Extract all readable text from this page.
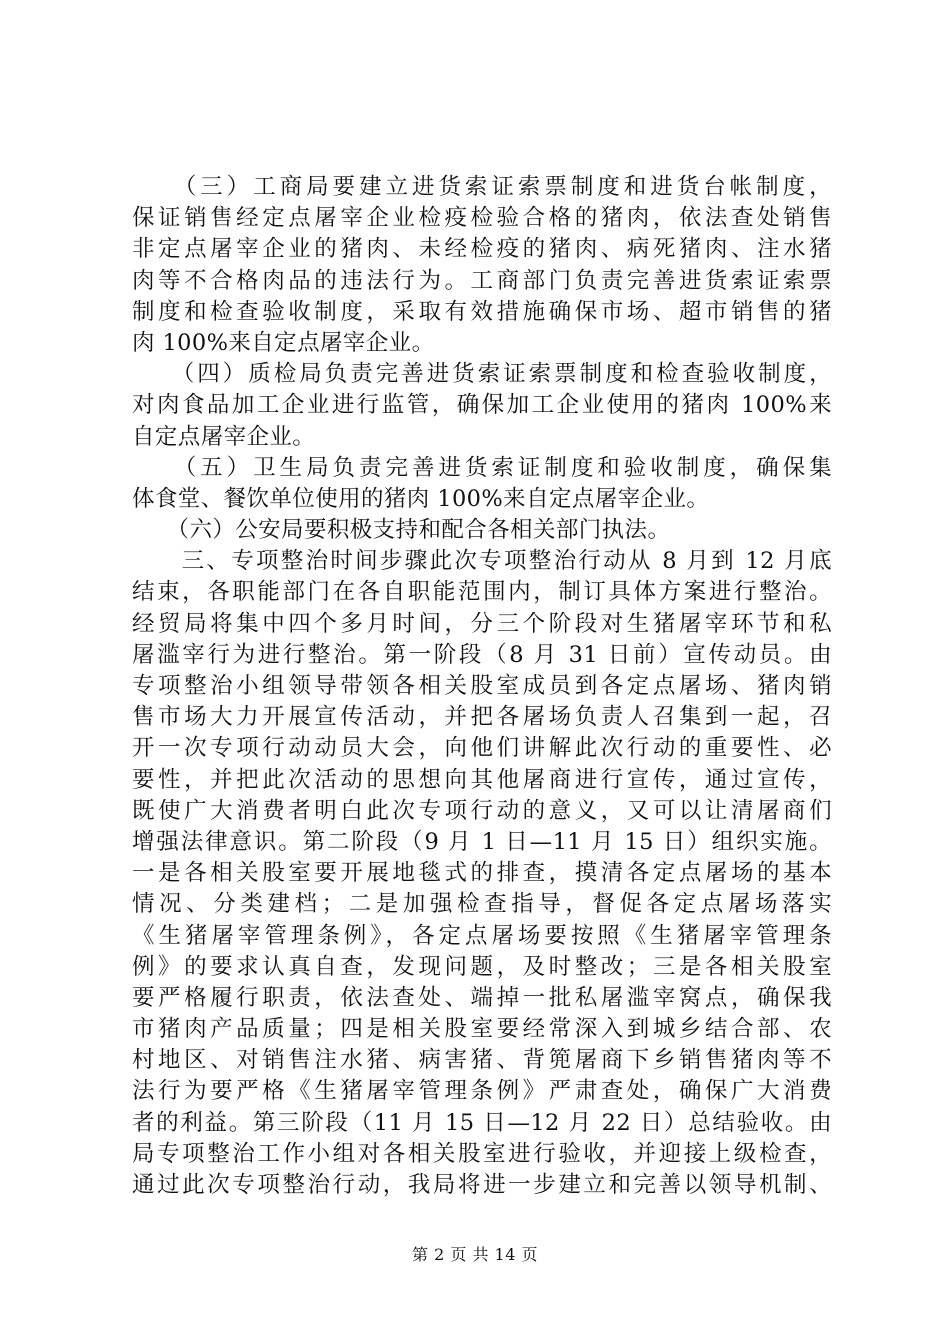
　　（三）工商局要建立进货索证索票制度和进货台帐制度，
保证销售经定点屠宰企业检疫检验合格的猪肉，依法查处销售
非定点屠宰企业的猪肉、未经检疫的猪肉、病死猪肉、注水猪
肉等不合格肉品的违法行为。工商部门负责完善进货索证索票
制度和检查验收制度，采取有效措施确保市场、超市销售的猪
肉 100%来自定点屠宰企业。
　　（四）质检局负责完善进货索证索票制度和检查验收制度，
对肉食品加工企业进行监管，确保加工企业使用的猪肉 100%来
自定点屠宰企业。
　　（五）卫生局负责完善进货索证制度和验收制度，确保集
体食堂、餐饮单位使用的猪肉 100%来自定点屠宰企业。
　　（六）公安局要积极支持和配合各相关部门执法。
　　三、专项整治时间步骤此次专项整治行动从 8 月到 12 月底
结束，各职能部门在各自职能范围内，制订具体方案进行整治。
经贸局将集中四个多月时间，分三个阶段对生猪屠宰环节和私
屠滥宰行为进行整治。第一阶段（8 月 31 日前）宣传动员。由
专项整治小组领导带领各相关股室成员到各定点屠场、猪肉销
售市场大力开展宣传活动，并把各屠场负责人召集到一起，召
开一次专项行动动员大会，向他们讲解此次行动的重要性、必
要性，并把此次活动的思想向其他屠商进行宣传，通过宣传，
既使广大消费者明白此次专项行动的意义，又可以让清屠商们
增强法律意识。第二阶段（9 月 1 日—11 月 15 日）组织实施。
一是各相关股室要开展地毯式的排查，摸清各定点屠场的基本
情况、分类建档；二是加强检查指导，督促各定点屠场落实
《生猪屠宰管理条例》，各定点屠场要按照《生猪屠宰管理条
例》的要求认真自查，发现问题，及时整改；三是各相关股室
要严格履行职责，依法查处、端掉一批私屠滥宰窝点，确保我
市猪肉产品质量；四是相关股室要经常深入到城乡结合部、农
村地区、对销售注水猪、病害猪、背篼屠商下乡销售猪肉等不
法行为要严格《生猪屠宰管理条例》严肃查处，确保广大消费
者的利益。第三阶段（11 月 15 日—12 月 22 日）总结验收。由
局专项整治工作小组对各相关股室进行验收，并迎接上级检查，
通过此次专项整治行动，我局将进一步建立和完善以领导机制、
第 2 页 共 14 页
